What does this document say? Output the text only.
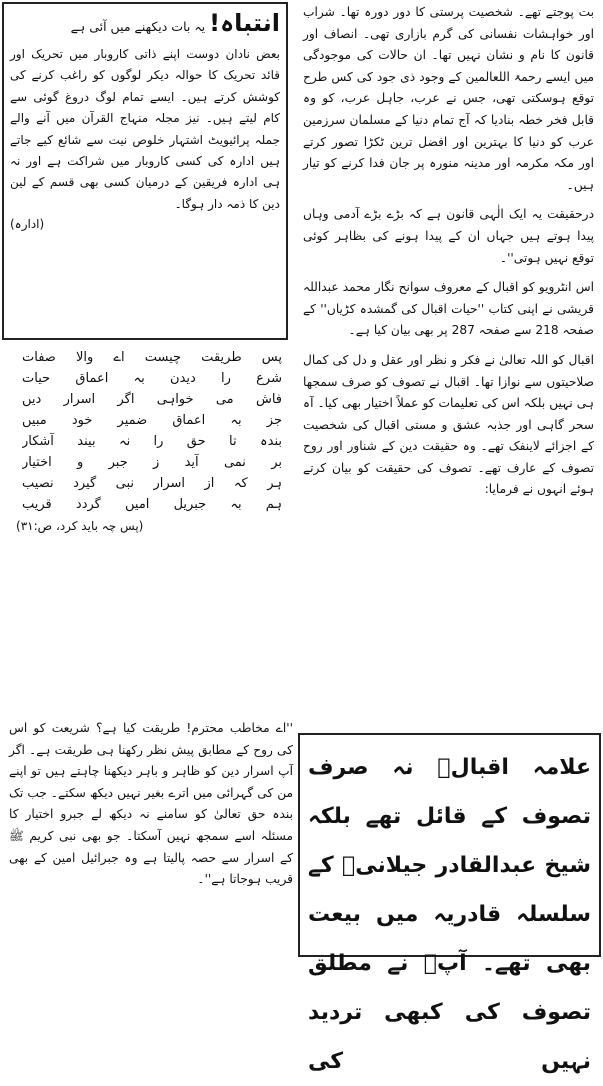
بت پوجتے تھے۔ شخصیت پرستی کا دور دورہ تھا۔ شراب اور خواہشات نفسانی کی گرم بازاری تھی۔ انصاف اور قانون کا نام و نشان نہیں تھا۔ ان حالات کی موجودگی میں ایسے رحمۃ اللعالمین کے وجود ذی جود کی کس طرح توقع ہوسکتی تھی، جس نے عرب، جاہل عرب، کو وہ قابل فخر خطہ بنادیا کہ آج تمام دنیا کے مسلمان سرزمین عرب کو دنیا کا بہترین اور افضل ترین ٹکڑا تصور کرتے اور مکہ مکرمہ اور مدینہ منورہ پر جان فدا کرنے کو تیار ہیں۔

درحقیقت یہ ایک الٰہی قانون ہے کہ بڑے بڑے آدمی وہاں پیدا ہوتے ہیں جہاں ان کے پیدا ہونے کی بظاہر کوئی توقع نہیں ہوتی''۔

اس انٹرویو کو اقبال کے معروف سوانح نگار محمد عبداللہ قریشی نے اپنی کتاب ''حیات اقبال کی گمشدہ کڑیاں'' کے صفحہ 218 سے صفحہ 287 پر بھی بیان کیا ہے۔

اقبال کو اللہ تعالیٰ نے فکر و نظر اور عقل و دل کی کمال صلاحیتوں سے نوازا تھا۔ اقبال نے تصوف کو صرف سمجھا ہی نہیں بلکہ اس کی تعلیمات کو عملاً اختیار بھی کیا۔ آہ سحر گاہی اور جذبہ عشق و مستی اقبال کی شخصیت کے اجزائے لاینفک تھے۔ وہ حقیقت دین کے شناور اور روح تصوف کے عارف تھے۔ تصوف کی حقیقت کو بیان کرتے ہوئے انہوں نے فرمایا:

انتباہ!
یہ بات دیکھنے میں آئی ہے

بعض نادان دوست اپنے ذاتی کاروبار میں تحریک اور قائد تحریک کا حوالہ دیکر لوگوں کو راغب کرنے کی کوشش کرتے ہیں۔ ایسے تمام لوگ دروغ گوئی سے کام لیتے ہیں۔ نیز مجلہ منہاج القرآن میں آنے والے جملہ پرائیویٹ اشتہار خلوص نیت سے شائع کیے جاتے ہیں ادارہ کی کسی کاروبار میں شراکت ہے اور نہ ہی ادارہ فریقین کے درمیان کسی بھی قسم کے لین دین کا ذمہ دار ہوگا۔

(ادارہ)

پس طریقت چیست اے والا صفات

شرع را دیدن بہ اعماق حیات

فاش می خواہی اگر اسرار دیں

جز بہ اعماق ضمیر خود مبیں

بندہ تا حق را نہ بیند آشکار

بر نمی آید ز جبر و اختیار

ہر کہ از اسرار نبی گیرد نصیب

ہم بہ جبریل امیں گردد قریب

(پس چہ باید کرد، ص:۳۱)

''اے مخاطب محترم! طریقت کیا ہے؟ شریعت کو اس کی روح کے مطابق پیش نظر رکھنا ہی طریقت ہے۔ اگر آپ اسرار دین کو ظاہر و باہر دیکھنا چاہتے ہیں تو اپنے من کی گہرائی میں اترے بغیر نہیں دیکھ سکتے۔ جب تک بندہ حق تعالیٰ کو سامنے نہ دیکھ لے جبرو اختیار کا مسئلہ اسے سمجھ نہیں آسکتا۔ جو بھی نبی کریم ﷺ کے اسرار سے حصہ پالیتا ہے وہ جبرائیل امین کے بھی قریب ہوجاتا ہے''۔

علامہ اقبالؒ نہ صرف تصوف کے قائل تھے بلکہ شیخ عبدالقادر جیلانیؒ کے سلسلہ قادریہ میں بیعت بھی تھے۔ آپؒ نے مطلق تصوف کی کبھی تردید نہیں کی
